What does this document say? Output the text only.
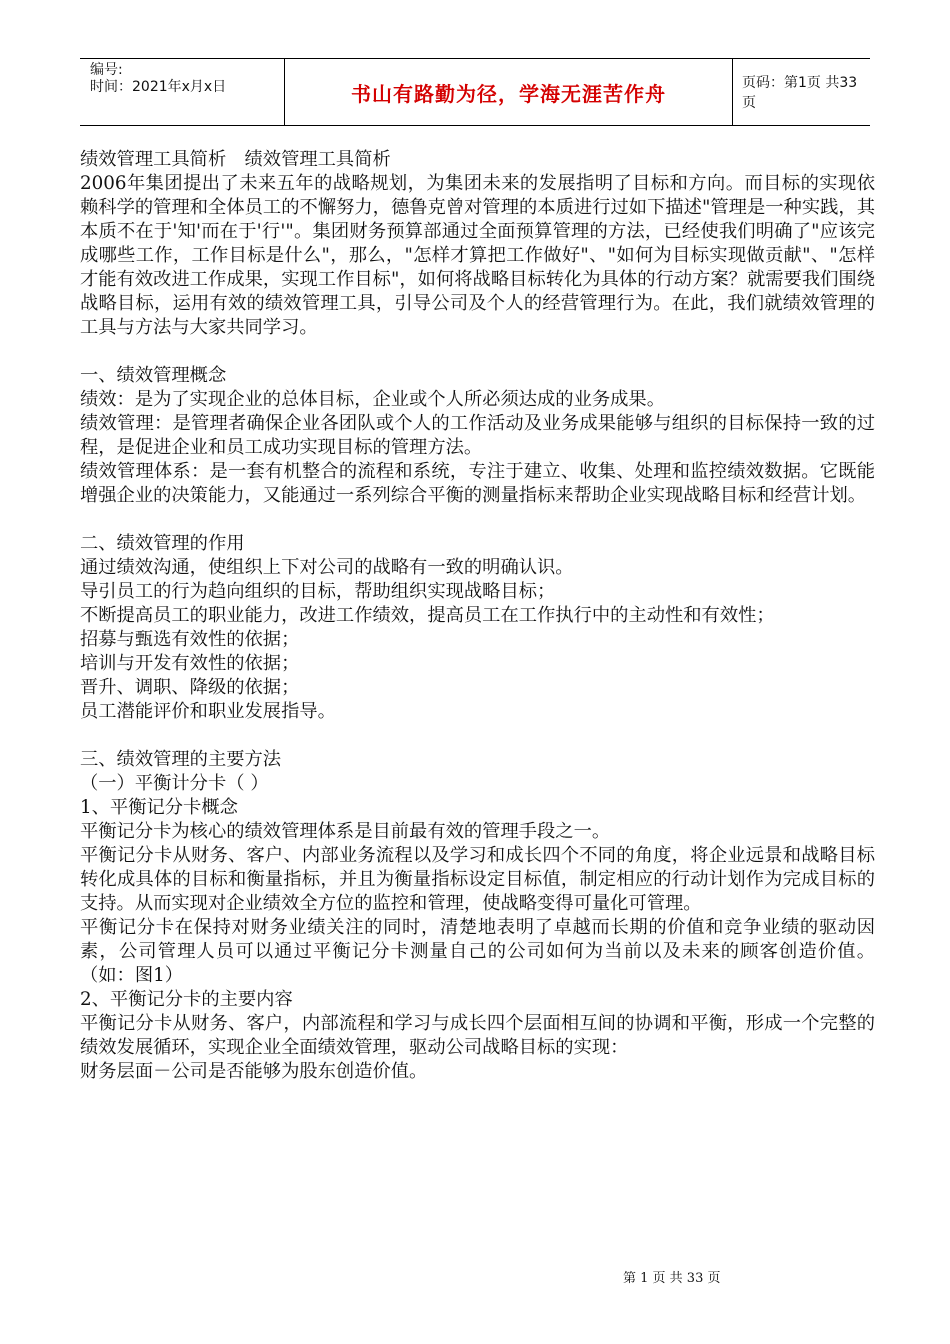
编号:
时间：2021年x月x日	书山有路勤为径，学海无涯苦作舟	页码：第1页 共33页

绩效管理工具简析　绩效管理工具简析

2006年集团提出了未来五年的战略规划，为集团未来的发展指明了目标和方向。而目标的实现依赖科学的管理和全体员工的不懈努力，德鲁克曾对管理的本质进行过如下描述"管理是一种实践，其本质不在于'知'而在于'行'"。集团财务预算部通过全面预算管理的方法，已经使我们明确了"应该完成哪些工作，工作目标是什么"，那么，"怎样才算把工作做好"、"如何为目标实现做贡献"、"怎样才能有效改进工作成果，实现工作目标"，如何将战略目标转化为具体的行动方案？就需要我们围绕战略目标，运用有效的绩效管理工具，引导公司及个人的经营管理行为。在此，我们就绩效管理的工具与方法与大家共同学习。

一、绩效管理概念

绩效：是为了实现企业的总体目标，企业或个人所必须达成的业务成果。

绩效管理：是管理者确保企业各团队或个人的工作活动及业务成果能够与组织的目标保持一致的过程，是促进企业和员工成功实现目标的管理方法。

绩效管理体系：是一套有机整合的流程和系统，专注于建立、收集、处理和监控绩效数据。它既能增强企业的决策能力，又能通过一系列综合平衡的测量指标来帮助企业实现战略目标和经营计划。

二、绩效管理的作用

通过绩效沟通，使组织上下对公司的战略有一致的明确认识。

导引员工的行为趋向组织的目标，帮助组织实现战略目标；

不断提高员工的职业能力，改进工作绩效，提高员工在工作执行中的主动性和有效性；

招募与甄选有效性的依据；

培训与开发有效性的依据；

晋升、调职、降级的依据；

员工潜能评价和职业发展指导。

三、绩效管理的主要方法

（一）平衡计分卡（ ）

1、平衡记分卡概念

平衡记分卡为核心的绩效管理体系是目前最有效的管理手段之一。

平衡记分卡从财务、客户、内部业务流程以及学习和成长四个不同的角度，将企业远景和战略目标转化成具体的目标和衡量指标，并且为衡量指标设定目标值，制定相应的行动计划作为完成目标的支持。从而实现对企业绩效全方位的监控和管理，使战略变得可量化可管理。

平衡记分卡在保持对财务业绩关注的同时，清楚地表明了卓越而长期的价值和竞争业绩的驱动因素，公司管理人员可以通过平衡记分卡测量自己的公司如何为当前以及未来的顾客创造价值。（如：图1）

2、平衡记分卡的主要内容

平衡记分卡从财务、客户，内部流程和学习与成长四个层面相互间的协调和平衡，形成一个完整的绩效发展循环，实现企业全面绩效管理，驱动公司战略目标的实现：

财务层面－公司是否能够为股东创造价值。

第 1 页 共 33 页
